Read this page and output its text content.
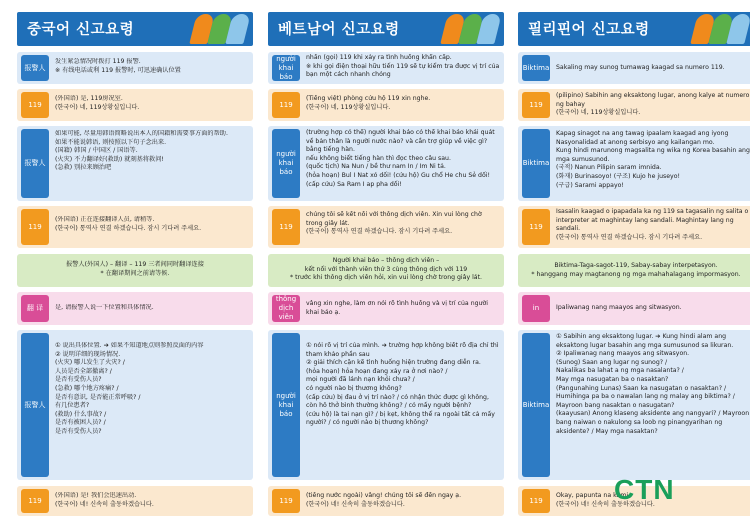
중국어 신고요령
报警人
发生紧急情况时拨打 119 报警.
※ 有线电话或利 119 报警时, 可迅速确认位置
119
(外国语) 是, 119房况室.
(한국어) 네, 119상황실입니다.
报警人
如果可能, 尽量用韩语简略说出本人的国籍和需要事方面的帮助.
如果不能说韩语, 则按照以下句子念出来.
(国籍) 韩国 / 中国区 / 国语等.
(火灾) 不力翻译好(救助) 就刻基将救问!
(急救) 别拉来顾治吧
119
(外国语) 正在连接翻译人员, 请稍等.
(한국어) 통역사 연결 하겠습니다. 잠시 기다려 주세요.
报警人(外国人) – 翻译 – 119 三者间同时翻译连接
* 在翻译期间之前请等候.
翻 译	是, 请报警人说一下位置和具体情况.
报警人
① 说出具体位置. ➔ 如果不知道地点则参照反面的内容
② 说明详细的现场情况.
(火灾) 哪儿发生了火灾? /
人员是否全部撤离? /
是否有受伤人员?
(急救) 哪个地方疼痛? /
是否有意识, 是否能正常呼吸? /
有几位患者?
(救助) 什么事故? /
是否有被困人员? /
是否有受伤人员?
119
(外国语) 是! 我们会迅速出动.
(한국어) 네! 신속히 출동하겠습니다.
베트남어 신고요령
người khai báo
nhấn (gọi) 119 khi xảy ra tình huống khẩn cấp.
※ khi gọi điện thoại hữu tiến 119 sẽ tự kiểm tra được vị trí của bạn một cách nhanh chóng
119
(Tiếng việt) phòng cứu hộ 119 xin nghe.
(한국어) 네, 119상황실입니다.
người khai báo
(trường hợp có thể) người khai báo có thể khai báo khái quát về bản thân là người nước nào? và cần trợ giúp về việc gì? bằng tiếng hàn.
nếu không biết tiếng hàn thì đọc theo câu sau.
(quốc tịch) Na Nun / bề thư nam In / Im Ni tả.
(hỏa hoạn) Bul I Nat xó dối! (cứu hộ) Gu chổ He chu Sẻ dối! (cấp cứu) Sa Ram I ap pha dối!
119
chúng tôi sẽ kết nối với thông dịch viên. Xin vui lòng chờ trong giây lát.
(한국어) 통역사 연결 하겠습니다. 잠시 기다려 주세요.
Người khai báo – thông dịch viên –
kết nối với thành viên thứ 3 cùng thông dịch với 119
* trước khi thông dịch viên hỏi, xin vui lòng chờ trong giây lát.
thông dịch viên
vâng xin nghe, làm ơn nói rõ tình huống và vị trí của người khai báo ạ.
người khai báo
① nói rõ vị trí của mình. ➔ trường hợp không biết rõ địa chỉ thì tham khảo phần sau
② giải thích cặn kẽ tình huống hiện trường đang diễn ra.
(hỏa hoạn) hỏa hoạn đang xảy ra ở nơi nào? /
mọi người đã lánh nạn khỏi chưa? /
có người nào bị thương không?
(cấp cứu) bị đau ở vị trí nào? / có nhận thức được gì không, còn hô thở bình thường không? / có mấy người bệnh?
(cứu hộ) là tai nạn gì? / bị kẹt, không thể ra ngoài tất cả mấy người? / có người nào bị thương không?
119
(tiếng nước ngoài) vâng! chúng tôi sẽ đến ngay ạ.
(한국어) 네! 신속히 출동하겠습니다.
필리핀어 신고요령
Biktima Sakaling may sunog tumawag kaagad sa numero 119.
119
(pilipino) Sabihin ang eksaktong lugar, anong kalye at numero ng bahay
(한국어) 네, 119상황실입니다.
Biktima
Kapag sinagot na ang tawag ipaalam kaagad ang iyong Nasyonalidad at anong serbisyo ang kailangan mo.
Kung hindi marunong magsalita ng wika ng Korea basahin ang mga sumusunod.
(국적) Nanun Pilipin saram imnida.
(화재) Burinasoyo! (구조) Kujo he juseyo!
(구급) Sarami appayo!
119
Isasalin kaagad o ipapadala ka ng 119 sa tagasalin ng salita o interpreter at maghintay lang sandali. Maghintay lang ng sandali.
(한국어) 통역사 연결 하겠습니다. 잠시 기다려 주세요.
Biktima-Taga-sagot-119, Sabay-sabay interpetasyon.
* hanggang may magtanong ng mga mahahalagang impormasyon.
in	Ipaliwanag nang maayos ang sitwasyon.
Biktima
① Sabihin ang eksaktong lugar. ➔ Kung hindi alam ang eksaktong lugar basahin ang mga sumusunod sa likuran.
② Ipaliwanag nang maayos ang sitwasyon.
(Sunog) Saan ang lugar ng sunog? /
Nakalikas ba lahat a ng mga nasalanta? /
May mga nasugatan ba o nasaktan?
(Pangunahing Lunas) Saan ka nasugatan o nasaktan? / Humihinga pa ba o nawalan lang ng malay ang biktima? / Mayroon bang nasaktan o nasugatan?
(kaayusan) Anong klaseng aksidente ang nangyari? / Mayroon bang naiwan o nakulong sa loob ng pinangyarihan ng aksidente? / May mga nasaktan?
119
Okay, papunta na kami.
(한국어) 네! 신속히 출동하겠습니다.
CTN
